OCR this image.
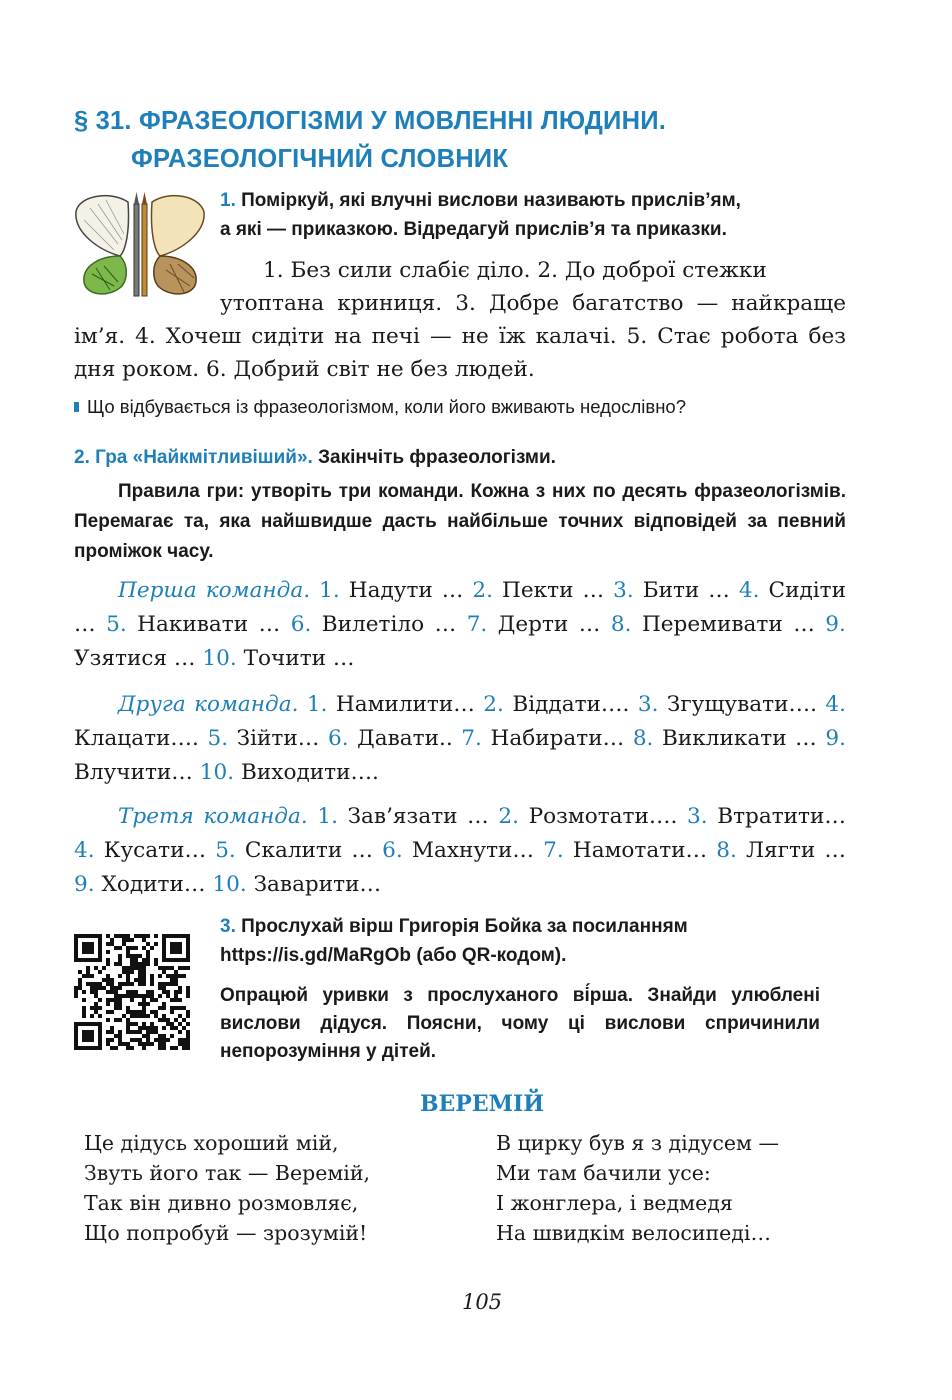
§ 31. ФРАЗЕОЛОГІЗМИ У МОВЛЕННІ ЛЮДИНИ.
ФРАЗЕОЛОГІЧНИЙ СЛОВНИК
1. Поміркуй, які влучні вислови називають прислів’ям,
а які — приказкою. Відредагуй прислів’я та приказки.
1. Без сили слабіє діло. 2. До доброї стежки
утоптана криниця. 3. Добре багатство — найкраще ім’я. 4. Хочеш сидіти на печі — не їж калачі. 5. Стає робота без дня роком. 6. Добрий світ не без людей.
Що відбувається із фразеологізмом, коли його вживають недослівно?
2. Гра «Найкмітливіший». Закінчіть фразеологізми.
Правила гри: утворіть три команди. Кожна з них по десять фразеологізмів. Перемагає та, яка найшвидше дасть найбільше точних відповідей за певний проміжок часу.
Перша команда. 1. Надути … 2. Пекти … 3. Бити … 4. Сидіти … 5. Накивати … 6. Вилетіло … 7. Дерти … 8. Перемивати … 9. Узятися … 10. Точити …
Друга команда. 1. Намилити… 2. Віддати…. 3. Згущувати…. 4. Клацати…. 5. Зійти… 6. Давати.. 7. Набирати… 8. Викликати … 9. Влучити… 10. Виходити….
Третя команда. 1. Зав’язати … 2. Розмотати…. 3. Втратити… 4. Кусати… 5. Скалити … 6. Махнути… 7. Намотати… 8. Лягти … 9. Ходити… 10. Заварити…
3. Прослухай вірш Григорія Бойка за посиланням
https://is.gd/MaRgOb (або QR-кодом).
Опрацюй уривки з прослуханого ві́рша. Знайди улюблені вислови дідуся. Поясни, чому ці вислови спричинили непорозуміння у дітей.
ВЕРЕМІЙ
Це дідусь хороший мій,
Звуть його так — Веремій,
Так він дивно розмовляє,
Що попробуй — зрозумій!
В цирку був я з дідусем —
Ми там бачили усе:
І жонглера, і ведмедя
На швидкім велосипеді…
105
